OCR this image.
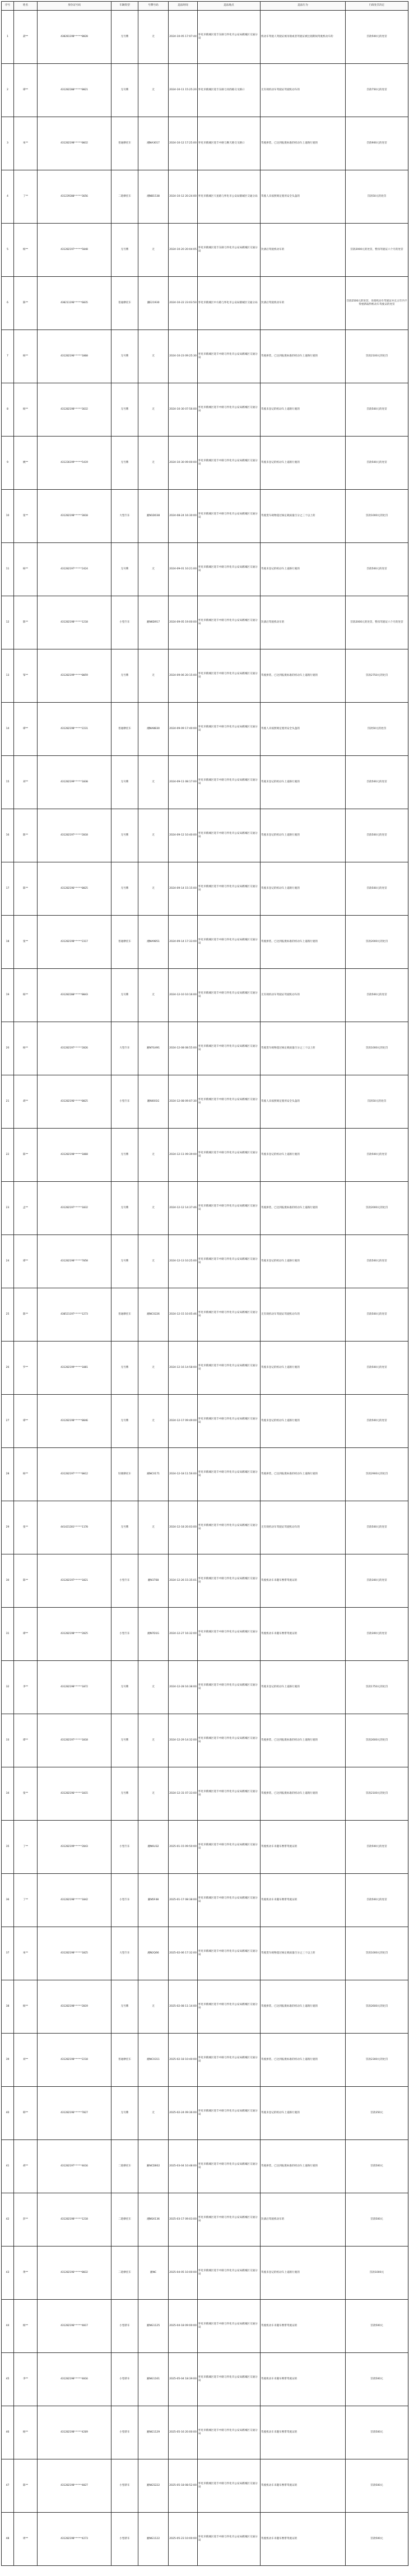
序号	姓名	身份证号码	车辆类型	号牌号码	违法时间	违法地点	违法行为	行政处罚决定
1	聂**	430281198*****0020	无号牌	无	2024-10-05 17:07:44	怀化市鹤城区迎丰东路与怀化市公安局鹤城区交通分局	机动车驾驶人驾驶证被吊销或者驾驶证被注销期间驾驶机动车的	罚款500元的处罚
2	谭**	431202200*****0021	无号牌	无	2024-10-11 15:25:20	怀化市鹤城区迎丰东路与河西路交叉路口	无有效机动车驾驶证驾驶机动车的	罚款750元的处罚
3	朱**	431202198*****0032	普通摩托车	湘NA3017	2024-10-12 17:25:00	怀化市鹤城区迎丰中路与顺天路交叉路口	驾驶拼装、已达到报废标准的机动车上道路行驶的	罚款900元的处罚
4	丁**	431229200*****3656	二轮摩托车	湘NB1538	2024-10-12 20:24:00	怀化市鹤城区天星路与怀化市公安局鹤城区交通分局	驾驶人未按照规定使用安全头盔的	罚款50元的处罚
5	杨**	431202197*****5048	无号牌	无	2024-10-20 20:04:05	怀化市鹤城区迎丰东路与怀化市公安局鹤城区交通分局	饮酒后驾驶机动车的	罚款2000元的处罚，暂扣驾驶证六个月的处罚
6	陈**	430211196*****6035	普通摩托车	湘E21930	2024-10-22 23:03:50	怀化市鹤城区中方路与怀化市公安局鹤城区交通分局	饮酒后驾驶机动车的	罚款2500元的处罚，吊销机动车驾驶证并且五年内不得重新取得机动车驾驶证的处罚
7	杨**	431202196*****1060	无号牌	无	2024-10-23 09:25:30	怀化市鹤城区迎丰中路与怀化市公安局鹤城区交通分局	驾驶拼装、已达到报废标准的机动车上道路行驶的	罚款2100元的处罚
8	杨**	431202198*****3632	无号牌	无	2024-10-30 07:56:00	怀化市鹤城区迎丰中路与怀化市公安局鹤城区交通分局	驾驶未登记的机动车上道路行驶的	罚款500元的处罚
9	姚**	431226199*****5419	无号牌	无	2024-10-30 09:00:00	怀化市鹤城区迎丰中路与怀化市公安局鹤城区交通分局	驾驶未登记的机动车上道路行驶的	罚款500元的处罚
10	张**	431202198*****3010	大型汽车	湘N1D038	2024-08-24 16:30:00	怀化市鹤城区迎丰中路与怀化市公安局鹤城区交通分局	驾驶货车载物超过核定载质量百分之三十以上的	罚款1000元的处罚
11	杨**	431202197*****2424	无号牌	无	2024-09-01 10:21:00	怀化市鹤城区迎丰中路与怀化市公安局鹤城区交通分局	驾驶未登记的机动车上道路行驶的	罚款500元的处罚
12	陈**	431202198*****1218	小型汽车	湘N6D917	2024-09-05 19:00:00	怀化市鹤城区迎丰中路与怀化市公安局鹤城区交通分局	饮酒后驾驶机动车的	罚款2000元的处罚，暂扣驾驶证六个月的处罚
13	邹**	431202199*****0059	无号牌	无	2024-09-06 20:15:00	怀化市鹤城区迎丰中路与怀化市公安局鹤城区交通分局	驾驶拼装、已达到报废标准的机动车上道路行驶的	罚款2750元的处罚
14	谭**	431202198*****2231	普通摩托车	湘NA8830	2024-09-09 17:40:00	怀化市鹤城区迎丰中路与怀化市公安局鹤城区交通分局	驾驶人未按照规定使用安全头盔的	罚款50元的处罚
15	刘**	431202199*****1030	无号牌	无	2024-09-11 08:17:00	怀化市鹤城区迎丰中路与怀化市公安局鹤城区交通分局	驾驶未登记的机动车上道路行驶的	罚款500元的处罚
16	陈**	431202197*****2018	无号牌	无	2024-09-12 10:40:00	怀化市鹤城区迎丰中路与怀化市公安局鹤城区交通分局	驾驶未登记的机动车上道路行驶的	罚款500元的处罚
17	陈**	431202196*****0025	无号牌	无	2024-09-14 15:15:00	怀化市鹤城区迎丰中路与怀化市公安局鹤城区交通分局	驾驶未登记的机动车上道路行驶的	罚款500元的处罚
18	张**	431202198*****2317	普通摩托车	湘NA9851	2024-09-14 17:33:00	怀化市鹤城区迎丰中路与怀化市公安局鹤城区交通分局	驾驶拼装、已达到报废标准的机动车上道路行驶的	罚款2000元的处罚
19	杨**	431202200*****0043	无号牌	无	2024-12-10 10:16:00	怀化市鹤城区迎丰中路与怀化市公安局鹤城区交通分局	无有效机动车驾驶证驾驶机动车的	罚款500元的处罚
20	杨**	431202197*****2026	大型汽车	湘N7G491	2024-12-08 08:55:00	怀化市鹤城区迎丰中路与怀化市公安局鹤城区交通分局	驾驶货车载物超过核定载质量百分之三十以上的	罚款1000元的处罚
21	胡**	431202196*****0025	小型汽车	湘NI001G	2024-12-08 09:07:30	怀化市鹤城区迎丰中路与怀化市公安局鹤城区交通分局	驾驶人未按照规定使用安全头盔的	罚款50元的处罚
22	陈**	431202198*****1068	无号牌	无	2024-12-11 09:39:00	怀化市鹤城区迎丰中路与怀化市公安局鹤城区交通分局	驾驶未登记的机动车上道路行驶的	罚款500元的处罚
23	孟**	431202197*****1032	无号牌	无	2024-12-12 14:37:46	怀化市鹤城区迎丰中路与怀化市公安局鹤城区交通分局	驾驶拼装、已达到报废标准的机动车上道路行驶的	罚款2000元的处罚
24	谭**	431202198*****7058	无号牌	无	2024-12-13 10:25:00	怀化市鹤城区迎丰中路与怀化市公安局鹤城区交通分局	驾驶未登记的机动车上道路行驶的	罚款500元的处罚
25	陈**	430521197*****1273	普通摩托车	湘NC0226	2024-12-15 10:05:46	怀化市鹤城区迎丰中路与怀化市公安局鹤城区交通分局	无有效机动车驾驶证驾驶机动车的	罚款500元的处罚
26	罗**	431202199*****1081	无号牌	无	2024-12-16 14:58:00	怀化市鹤城区迎丰中路与怀化市公安局鹤城区交通分局	驾驶未登记的机动车上道路行驶的	罚款500元的处罚
27	谭**	431202198*****0046	无号牌	无	2024-12-17 09:49:00	怀化市鹤城区迎丰中路与怀化市公安局鹤城区交通分局	驾驶未登记的机动车上道路行驶的	罚款500元的处罚
28	杨**	431202197*****0012	轻便摩托车	湘NC0171	2024-12-18 11:56:00	怀化市鹤城区迎丰中路与怀化市公安局鹤城区交通分局	驾驶拼装、已达到报废标准的机动车上道路行驶的	罚款2900元的处罚
29	张**	441421201*****1170	无号牌	无	2024-12-18 20:03:00	怀化市鹤城区迎丰中路与怀化市公安局鹤城区交通分局	无有效机动车驾驶证驾驶机动车的	罚款500元的处罚
30	陈**	431202197*****1021	小型汽车	湘N1T68	2024-12-26 15:35:01	怀化市鹤城区迎丰中路与怀化市公安局鹤城区交通分局	驾驶机动车未随车携带驾驶证的	罚款300元的处罚
31	谭**	431202198*****2025	小型汽车	湘N7D1G	2024-12-27 16:32:00	怀化市鹤城区迎丰中路与怀化市公安局鹤城区交通分局	驾驶机动车未随车携带驾驶证的	罚款300元的处罚
32	李**	431202198*****1072	无号牌	无	2024-12-28 16:38:00	怀化市鹤城区迎丰中路与怀化市公安局鹤城区交通分局	驾驶未登记的机动车上道路行驶的	罚款1750元的处罚
33	谭**	431202197*****1018	无号牌	无	2024-12-29 14:32:00	怀化市鹤城区迎丰中路与怀化市公安局鹤城区交通分局	驾驶拼装、已达到报废标准的机动车上道路行驶的	罚款2600元的处罚
34	张**	431202196*****1015	无号牌	无	2024-12-31 07:33:00	怀化市鹤城区迎丰中路与怀化市公安局鹤城区交通分局	驾驶拼装、已达到报废标准的机动车上道路行驶的	罚款2100元的处罚
35	丁**	431202199*****2043	小型汽车	湘N6U32	2025-01-15 09:50:00	怀化市鹤城区迎丰中路与怀化市公安局鹤城区交通分局	驾驶机动车未随车携带驾驶证的	罚款500元的处罚
36	丁**	431202198*****1042	小型汽车	湘N5F48	2025-01-17 08:38:00	怀化市鹤城区迎丰中路与怀化市公安局鹤城区交通分局	驾驶机动车未随车携带驾驶证的	罚款500元的处罚
37	朱**	431202198*****1025	大型汽车	湘N2Q66	2025-02-06 17:32:00	怀化市鹤城区迎丰中路与怀化市公安局鹤城区交通分局	驾驶货车载物超过核定载质量百分之三十以上的	罚款1000元的处罚
38	杨**	431202198*****2019	无号牌	无	2025-02-08 11:14:00	怀化市鹤城区迎丰中路与怀化市公安局鹤城区交通分局	驾驶拼装、已达到报废标准的机动车上道路行驶的	罚款2600元的处罚
39	刘**	431202198*****2218	普通摩托车	湘NC0311	2025-02-18 10:40:00	怀化市鹤城区迎丰中路与怀化市公安局鹤城区交通分局	驾驶拼装、已达到报废标准的机动车上道路行驶的	罚款2300元的处罚
40	韩**	431202196*****7027	无号牌	无	2025-02-24 09:36:00	怀化市鹤城区迎丰中路与怀化市公安局鹤城区交通分局	驾驶未登记的机动车上道路行驶的	罚款350元
41	胡**	431202197*****4616	二轮摩托车	湘NCD602	2025-03-04 10:48:00	怀化市鹤城区迎丰中路与怀化市公安局鹤城区交通分局	驾驶拼装、已达到报废标准的机动车上道路行驶的	罚款500元
42	彭**	431202198*****1218	二轮摩托车	湘NSX136	2025-03-17 09:03:00	怀化市鹤城区迎丰中路与怀化市公安局鹤城区交通分局	饮酒后驾驶机动车的	罚款500元
43	黄**	431202196*****0032	二轮摩托车	湘NC	2025-04-05 10:00:00	怀化市鹤城区迎丰中路与怀化市公安局鹤城区交通分局	驾驶未登记的机动车上道路行驶的	罚款1000元
44	杨**	431202196*****4017	小型轿车	湘NG1125	2025-04-18 09:00:00	怀化市鹤城区迎丰中路与怀化市公安局鹤城区交通分局	驾驶机动车未随车携带驾驶证的	罚款500元
45	李**	431202198*****4016	小型轿车	湘NG1161	2025-05-04 18:39:00	怀化市鹤城区迎丰中路与怀化市公安局鹤城区交通分局	驾驶机动车未随车携带驾驶证的	罚款500元
46	杨**	431202198*****4269	小型轿车	湘NG1129	2025-05-16 20:00:00	怀化市鹤城区迎丰中路与怀化市公安局鹤城区交通分局	驾驶机动车未随车携带驾驶证的	罚款500元
47	陈**	431202198*****4027	小型轿车	湘NG5222	2025-05-18 08:52:00	怀化市鹤城区迎丰中路与怀化市公安局鹤城区交通分局	驾驶机动车未随车携带驾驶证的	罚款500元
48	周**	431202198*****4273	小型轿车	湘NG1122	2025-05-23 10:00:00	怀化市鹤城区迎丰中路与怀化市公安局鹤城区交通分局	驾驶机动车未随车携带驾驶证的	罚款500元
